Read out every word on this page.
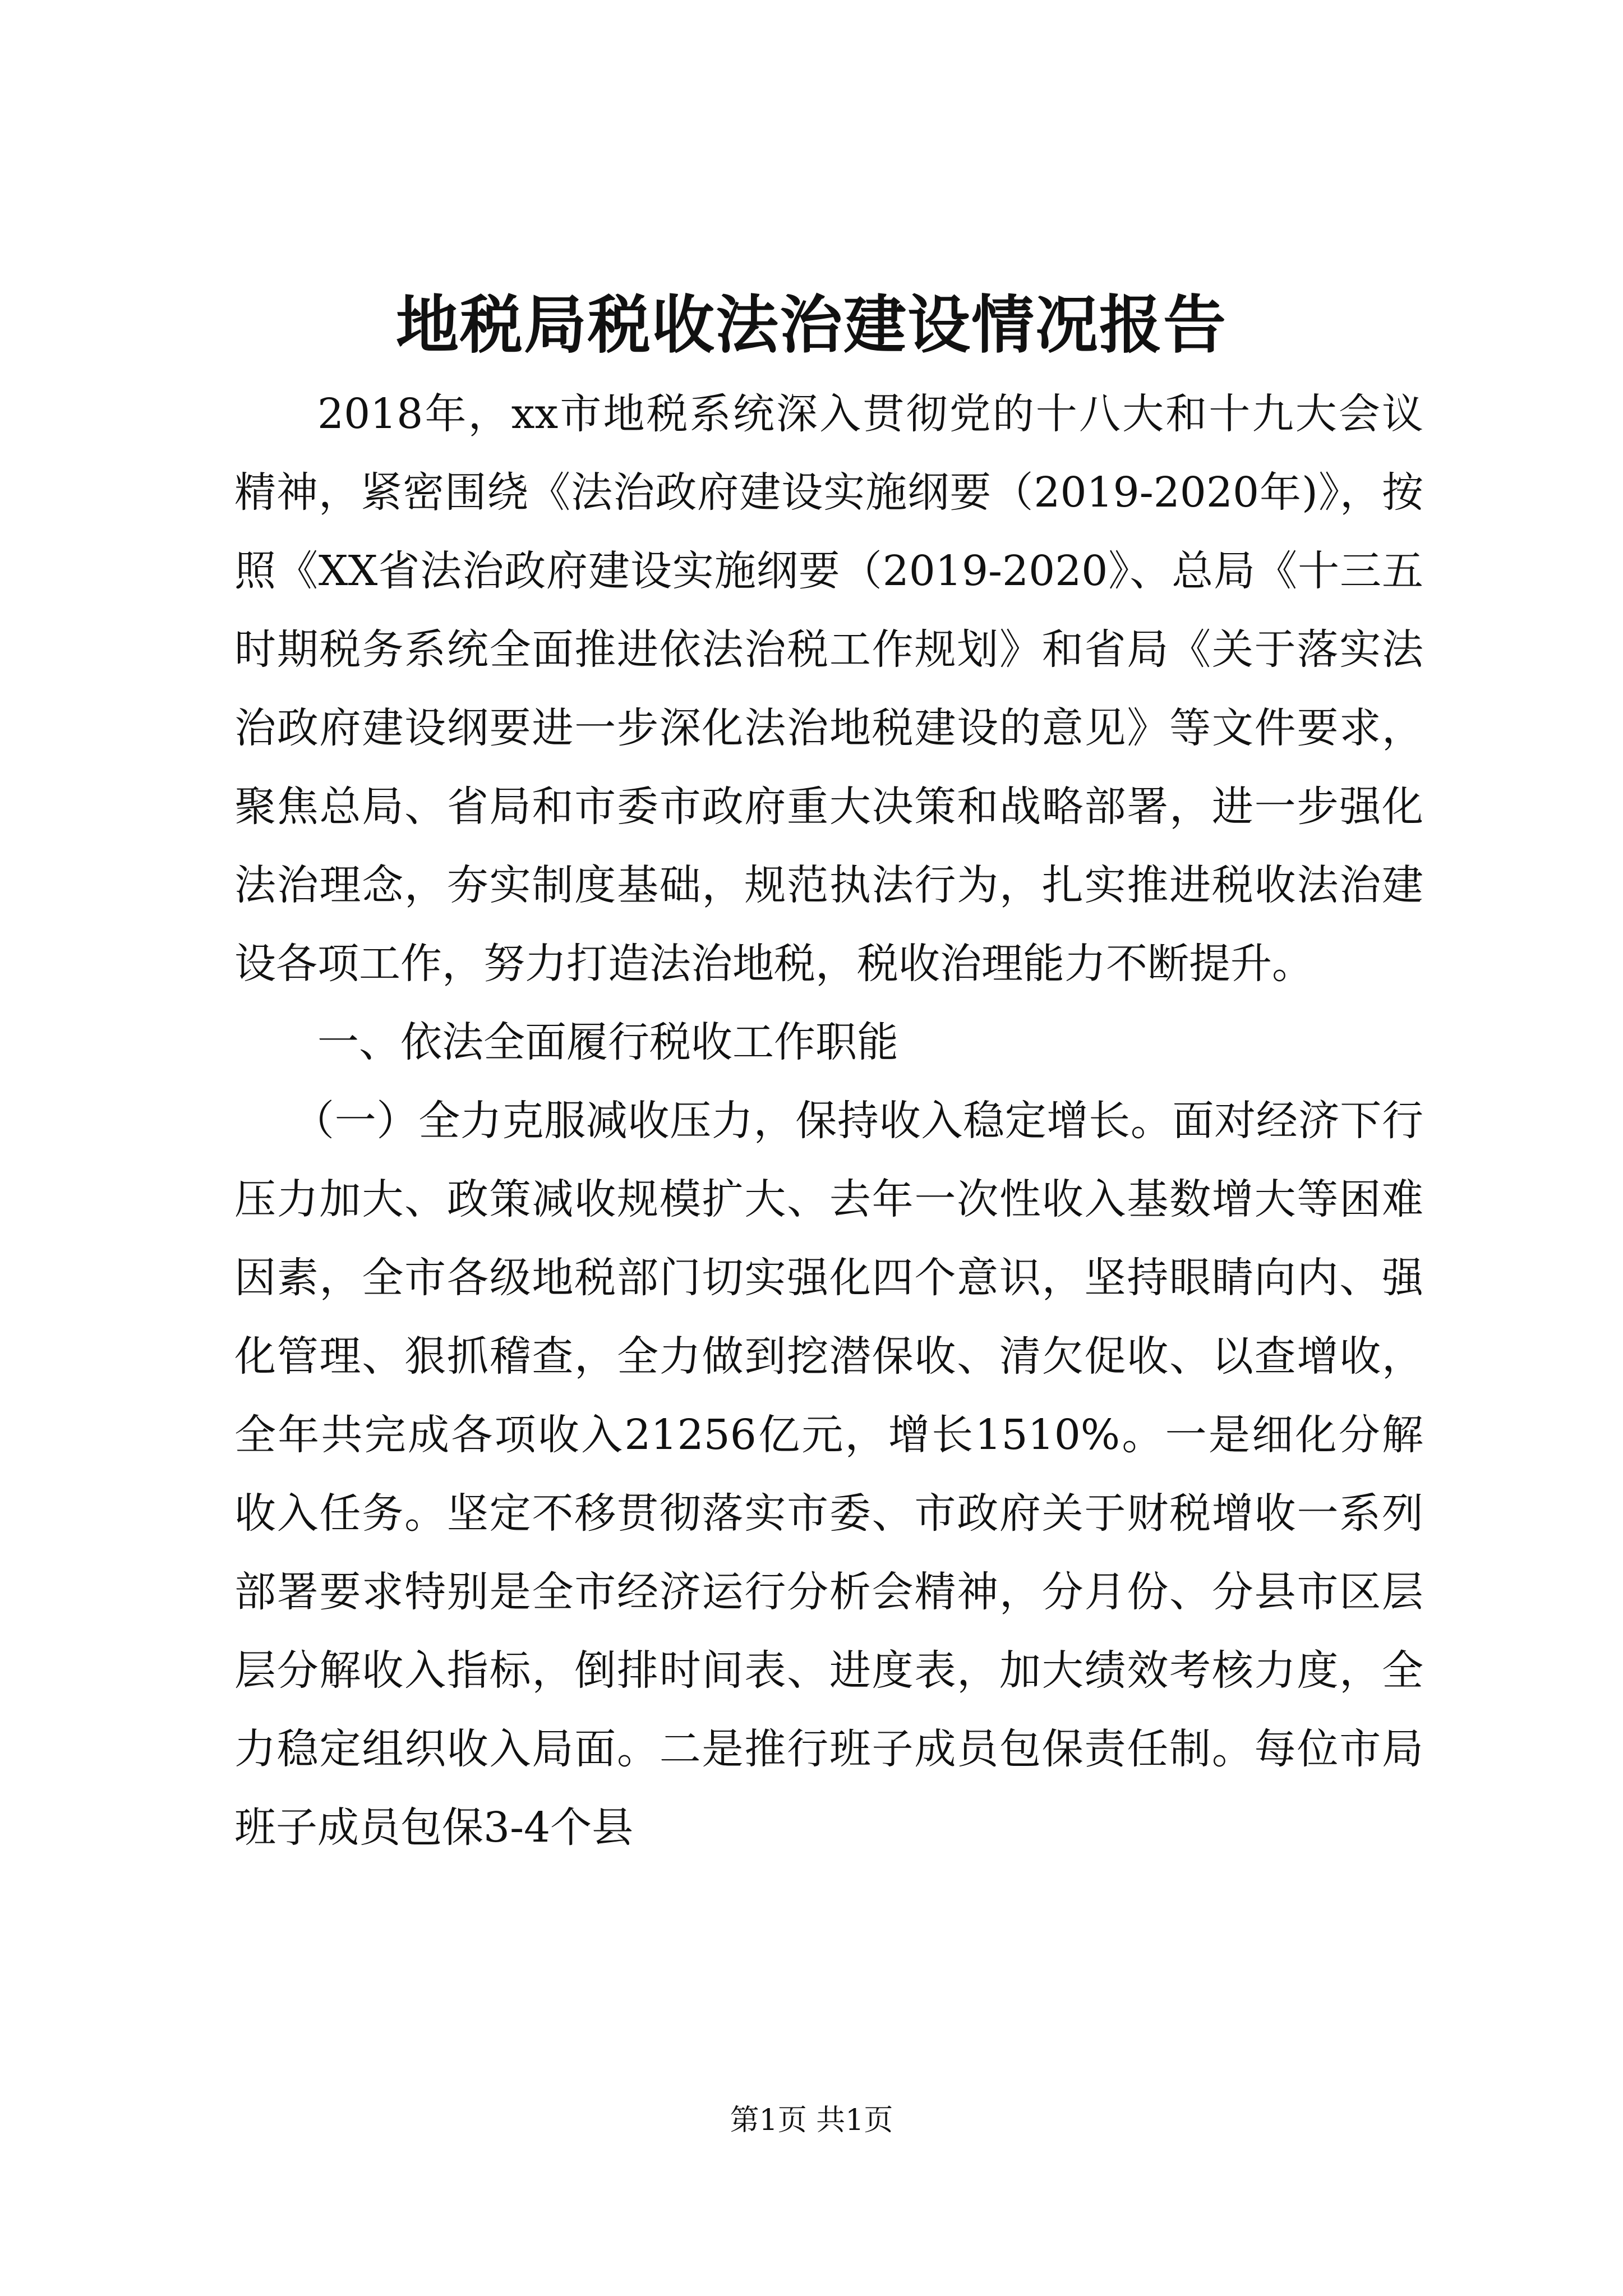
地税局税收法治建设情况报告

2018年，xx市地税系统深入贯彻党的十八大和十九大会议精神，紧密围绕《法治政府建设实施纲要（2019-2020年)》，按照《XX省法治政府建设实施纲要（2019-2020》、总局《十三五时期税务系统全面推进依法治税工作规划》和省局《关于落实法治政府建设纲要进一步深化法治地税建设的意见》等文件要求，聚焦总局、省局和市委市政府重大决策和战略部署，进一步强化法治理念，夯实制度基础，规范执法行为，扎实推进税收法治建设各项工作，努力打造法治地税，税收治理能力不断提升。

一、依法全面履行税收工作职能

（一）全力克服减收压力，保持收入稳定增长。面对经济下行压力加大、政策减收规模扩大、去年一次性收入基数增大等困难因素，全市各级地税部门切实强化四个意识，坚持眼睛向内、强化管理、狠抓稽查，全力做到挖潜保收、清欠促收、以查增收，全年共完成各项收入21256亿元，增长1510%。一是细化分解收入任务。坚定不移贯彻落实市委、市政府关于财税增收一系列部署要求特别是全市经济运行分析会精神，分月份、分县市区层层分解收入指标，倒排时间表、进度表，加大绩效考核力度，全力稳定组织收入局面。二是推行班子成员包保责任制。每位市局班子成员包保3-4个县

第1页 共1页
